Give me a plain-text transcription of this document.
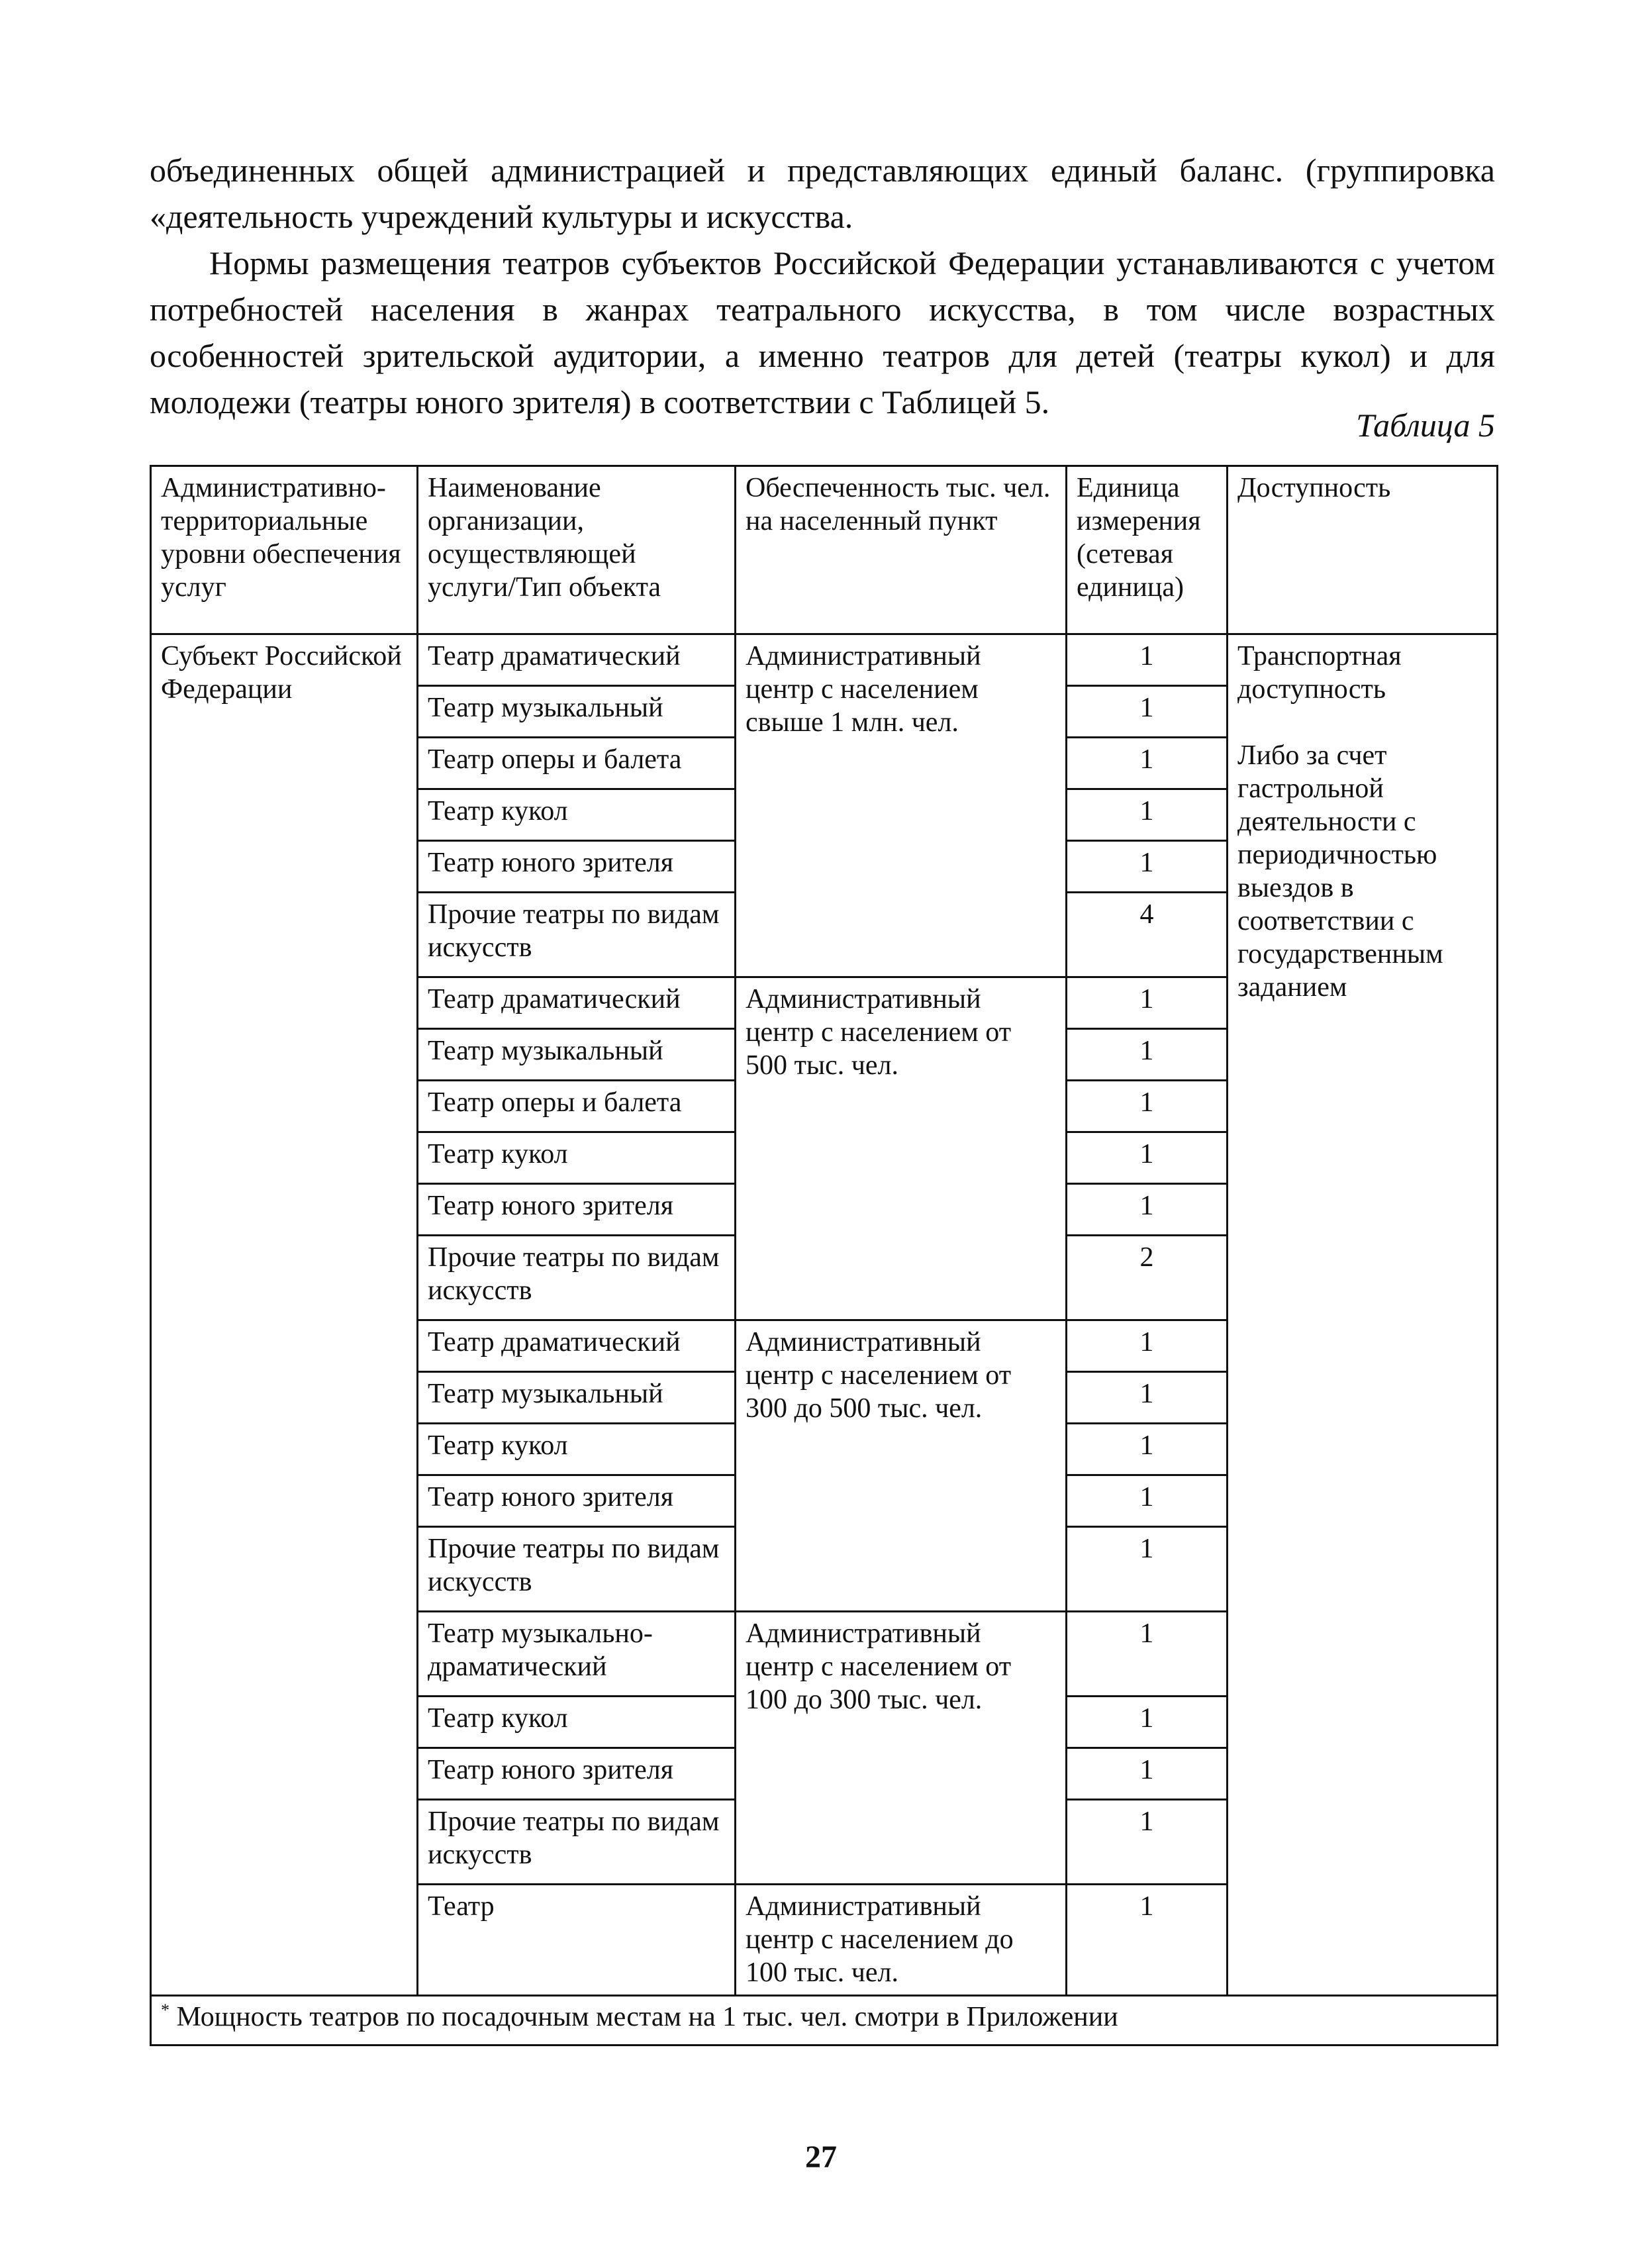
объединенных общей администрацией и представляющих единый баланс. (группировка «деятельность учреждений культуры и искусства.

Нормы размещения театров субъектов Российской Федерации устанавливаются с учетом потребностей населения в жанрах театрального искусства, в том числе возрастных особенностей зрительской аудитории, а именно театров для детей (театры кукол) и для молодежи (театры юного зрителя) в соответствии с Таблицей 5.

Таблица 5
Административно-территориальные уровни обеспечения услуг	Наименование организации, осуществляющей услуги/Тип объекта	Обеспеченность тыс. чел. на населенный пункт	Единица измерения (сетевая единица)	Доступность
Субъект Российской Федерации	Театр драматический	Административный центр с населением свыше 1 млн. чел.	1	Транспортная доступность
Либо за счет гастрольной деятельности с периодичностью выездов в соответствии с государственным заданием
	Театр музыкальный		1	
	Театр оперы и балета		1	
	Театр кукол		1	
	Театр юного зрителя		1	
	Прочие театры по видам искусств		4	
	Театр драматический	Административный центр с населением от 500 тыс. чел.	1	
	Театр музыкальный		1	
	Театр оперы и балета		1	
	Театр кукол		1	
	Театр юного зрителя		1	
	Прочие театры по видам искусств		2	
	Театр драматический	Административный центр с населением от 300 до 500 тыс. чел.	1	
	Театр музыкальный		1	
	Театр кукол		1	
	Театр юного зрителя		1	
	Прочие театры по видам искусств		1	
	Театр музыкально-драматический	Административный центр с населением от 100 до 300 тыс. чел.	1	
	Театр кукол		1	
	Театр юного зрителя		1	
	Прочие театры по видам искусств		1	
	Театр	Административный центр с населением до 100 тыс. чел.	1	
* Мощность театров по посадочным местам на 1 тыс. чел. смотри в Приложении				
27
